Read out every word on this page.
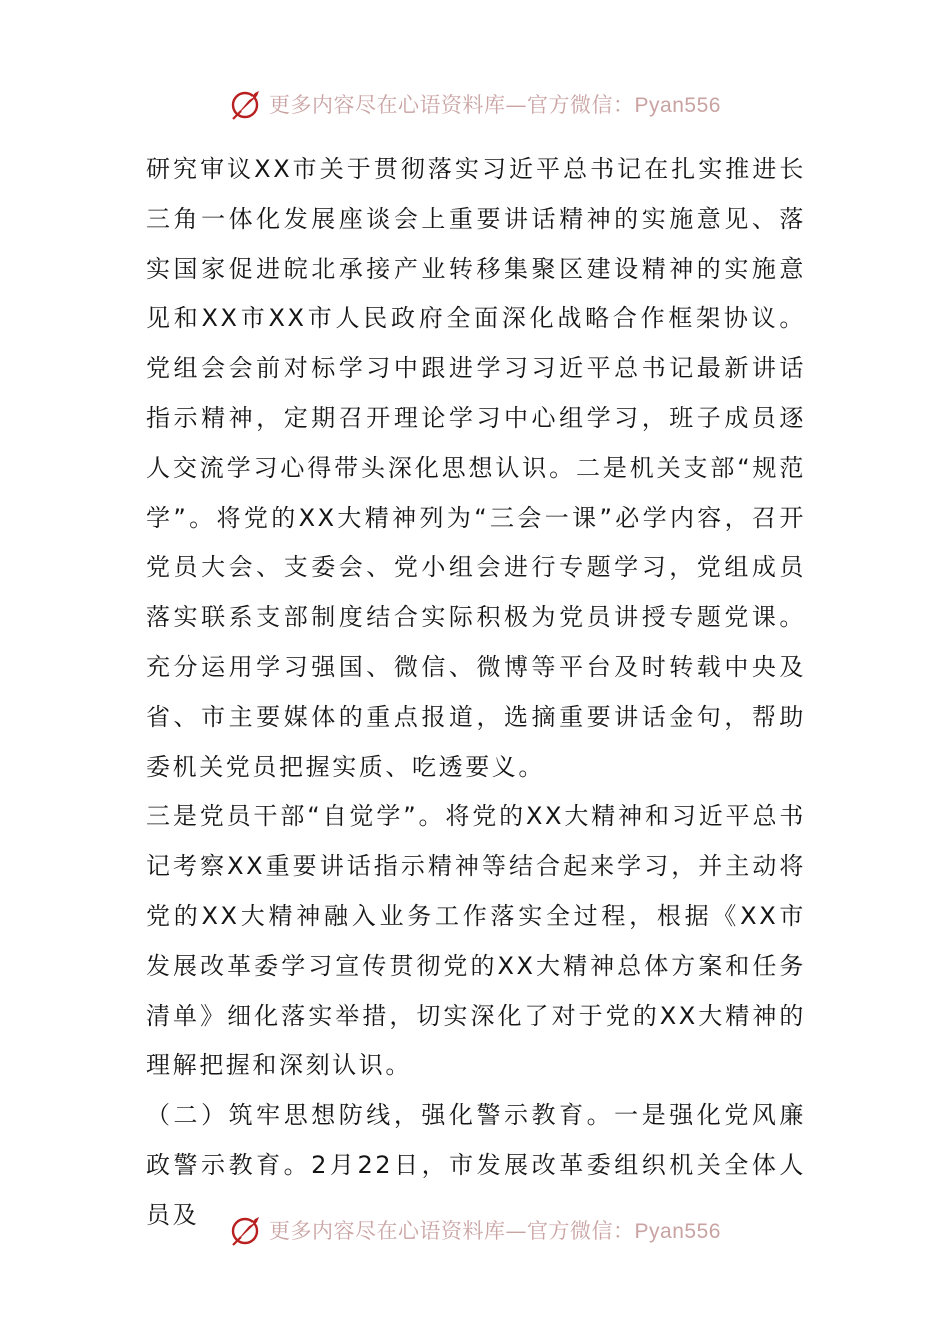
更多内容尽在心语资料库—官方微信：Pyan556

研究审议XX市关于贯彻落实习近平总书记在扎实推进长三角一体化发展座谈会上重要讲话精神的实施意见、落实国家促进皖北承接产业转移集聚区建设精神的实施意见和XX市XX市人民政府全面深化战略合作框架协议。党组会会前对标学习中跟进学习习近平总书记最新讲话指示精神，定期召开理论学习中心组学习，班子成员逐人交流学习心得带头深化思想认识。二是机关支部“规范学”。将党的XX大精神列为“三会一课”必学内容，召开党员大会、支委会、党小组会进行专题学习，党组成员落实联系支部制度结合实际积极为党员讲授专题党课。充分运用学习强国、微信、微博等平台及时转载中央及省、市主要媒体的重点报道，选摘重要讲话金句，帮助委机关党员把握实质、吃透要义。

三是党员干部“自觉学”。将党的XX大精神和习近平总书记考察XX重要讲话指示精神等结合起来学习，并主动将党的XX大精神融入业务工作落实全过程，根据《XX市发展改革委学习宣传贯彻党的XX大精神总体方案和任务清单》细化落实举措，切实深化了对于党的XX大精神的理解把握和深刻认识。

（二）筑牢思想防线，强化警示教育。一是强化党风廉政警示教育。2月22日，市发展改革委组织机关全体人员及

更多内容尽在心语资料库—官方微信：Pyan556
